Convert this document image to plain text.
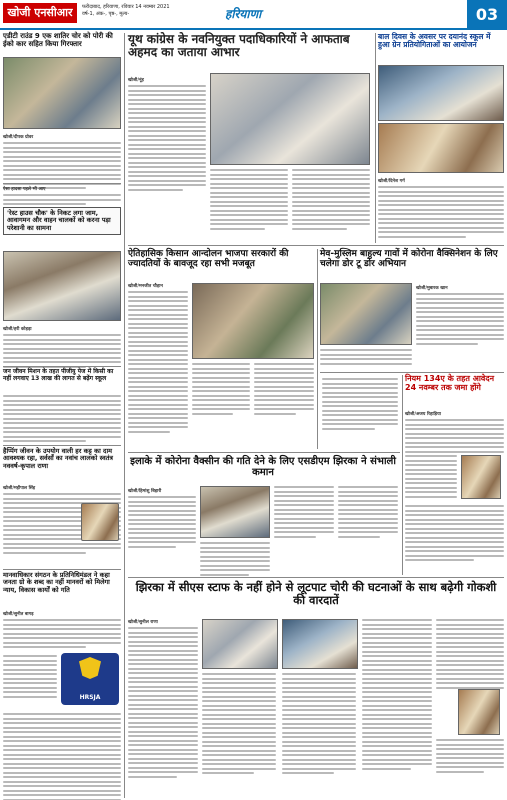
खोजी एनसीआर	फरीदाबाद, हरियाणा, रविवार 14 नवम्बर 2021
वर्ष-1, अंक-, पृष्ठ-, मूल्य-	हरियाणा	03
एडीटी राउंड 9 एक शातिर चोर को पोरी की ईको कार सहित किया गिरफ्तार
खोजी/दीपक ग्रोवर
ऐसा हादसा पहले भी आए
'रेस्ट हाउस चौक' के निकट लगा जाम, आवागमन और वाहन चालकों को करना पड़ा परेशानी का सामना
खोजी/हरी कोहड़ा
जन जीवन मिशन के तहत पीजीयु पेज में किसी का नहीं लगवाए 13 लाख की लागत से बढ़ेंग स्कूल
हैप्पिंग जीवन के उपयोग वाली हर कट्ट का दाम आवश्यक रहा, सर्वसाँ का नवांच लालको स्वतंत्र नववर्ष-कृपाल राणा
खोजी/महीपाल सिंह
मानवाधिकार संगठन के प्रतिनिधिमंडल ने कहा जनता ग्रो के शब्द का नहीं मानवरों को मिलेगा न्याय, विकास कार्यों को गति
खोजी/सुनीत बागड़
HRSJA
यूथ कांग्रेस के नवनियुक्त पदाधिकारियों ने आफताब अहमद का जताया आभार
खोजी/नूंह
बाल दिवस के अवसर पर दयानंद स्कूल में हुआ ग्रेन प्रतियोगिताओं का आयोजन
खोजी/दिनेश गर्ग
ऐतिहासिक किसान आन्दोलन भाजपा सरकारों की ज्यादतियों के बावजूद रहा सभी मजबूत
खोजी/मनजीत चौहान
मेव-मुस्लिम बाहुल्य गावों में कोरोना वैक्सिनेशन के लिए चलेगा डोर टू डोर अभियान
खोजी/मुबारक खान
नियम 134ए के तहत आवेदन 24 नवम्बर तक जमा होंगे
खोजी/अजय रिहाड़िया
इलाके में कोरोना वैक्सीन की गति देने के लिए एसडीएम झिरका ने संभाली कमान
खोजी/हिमांशु बिहारी
झिरका में सीएस स्टाफ के नहीं होने से लूटपाट चोरी की घटनाओं के साथ बढ़ेगी गोकशी की वारदातें
खोजी/सुनील राणा
